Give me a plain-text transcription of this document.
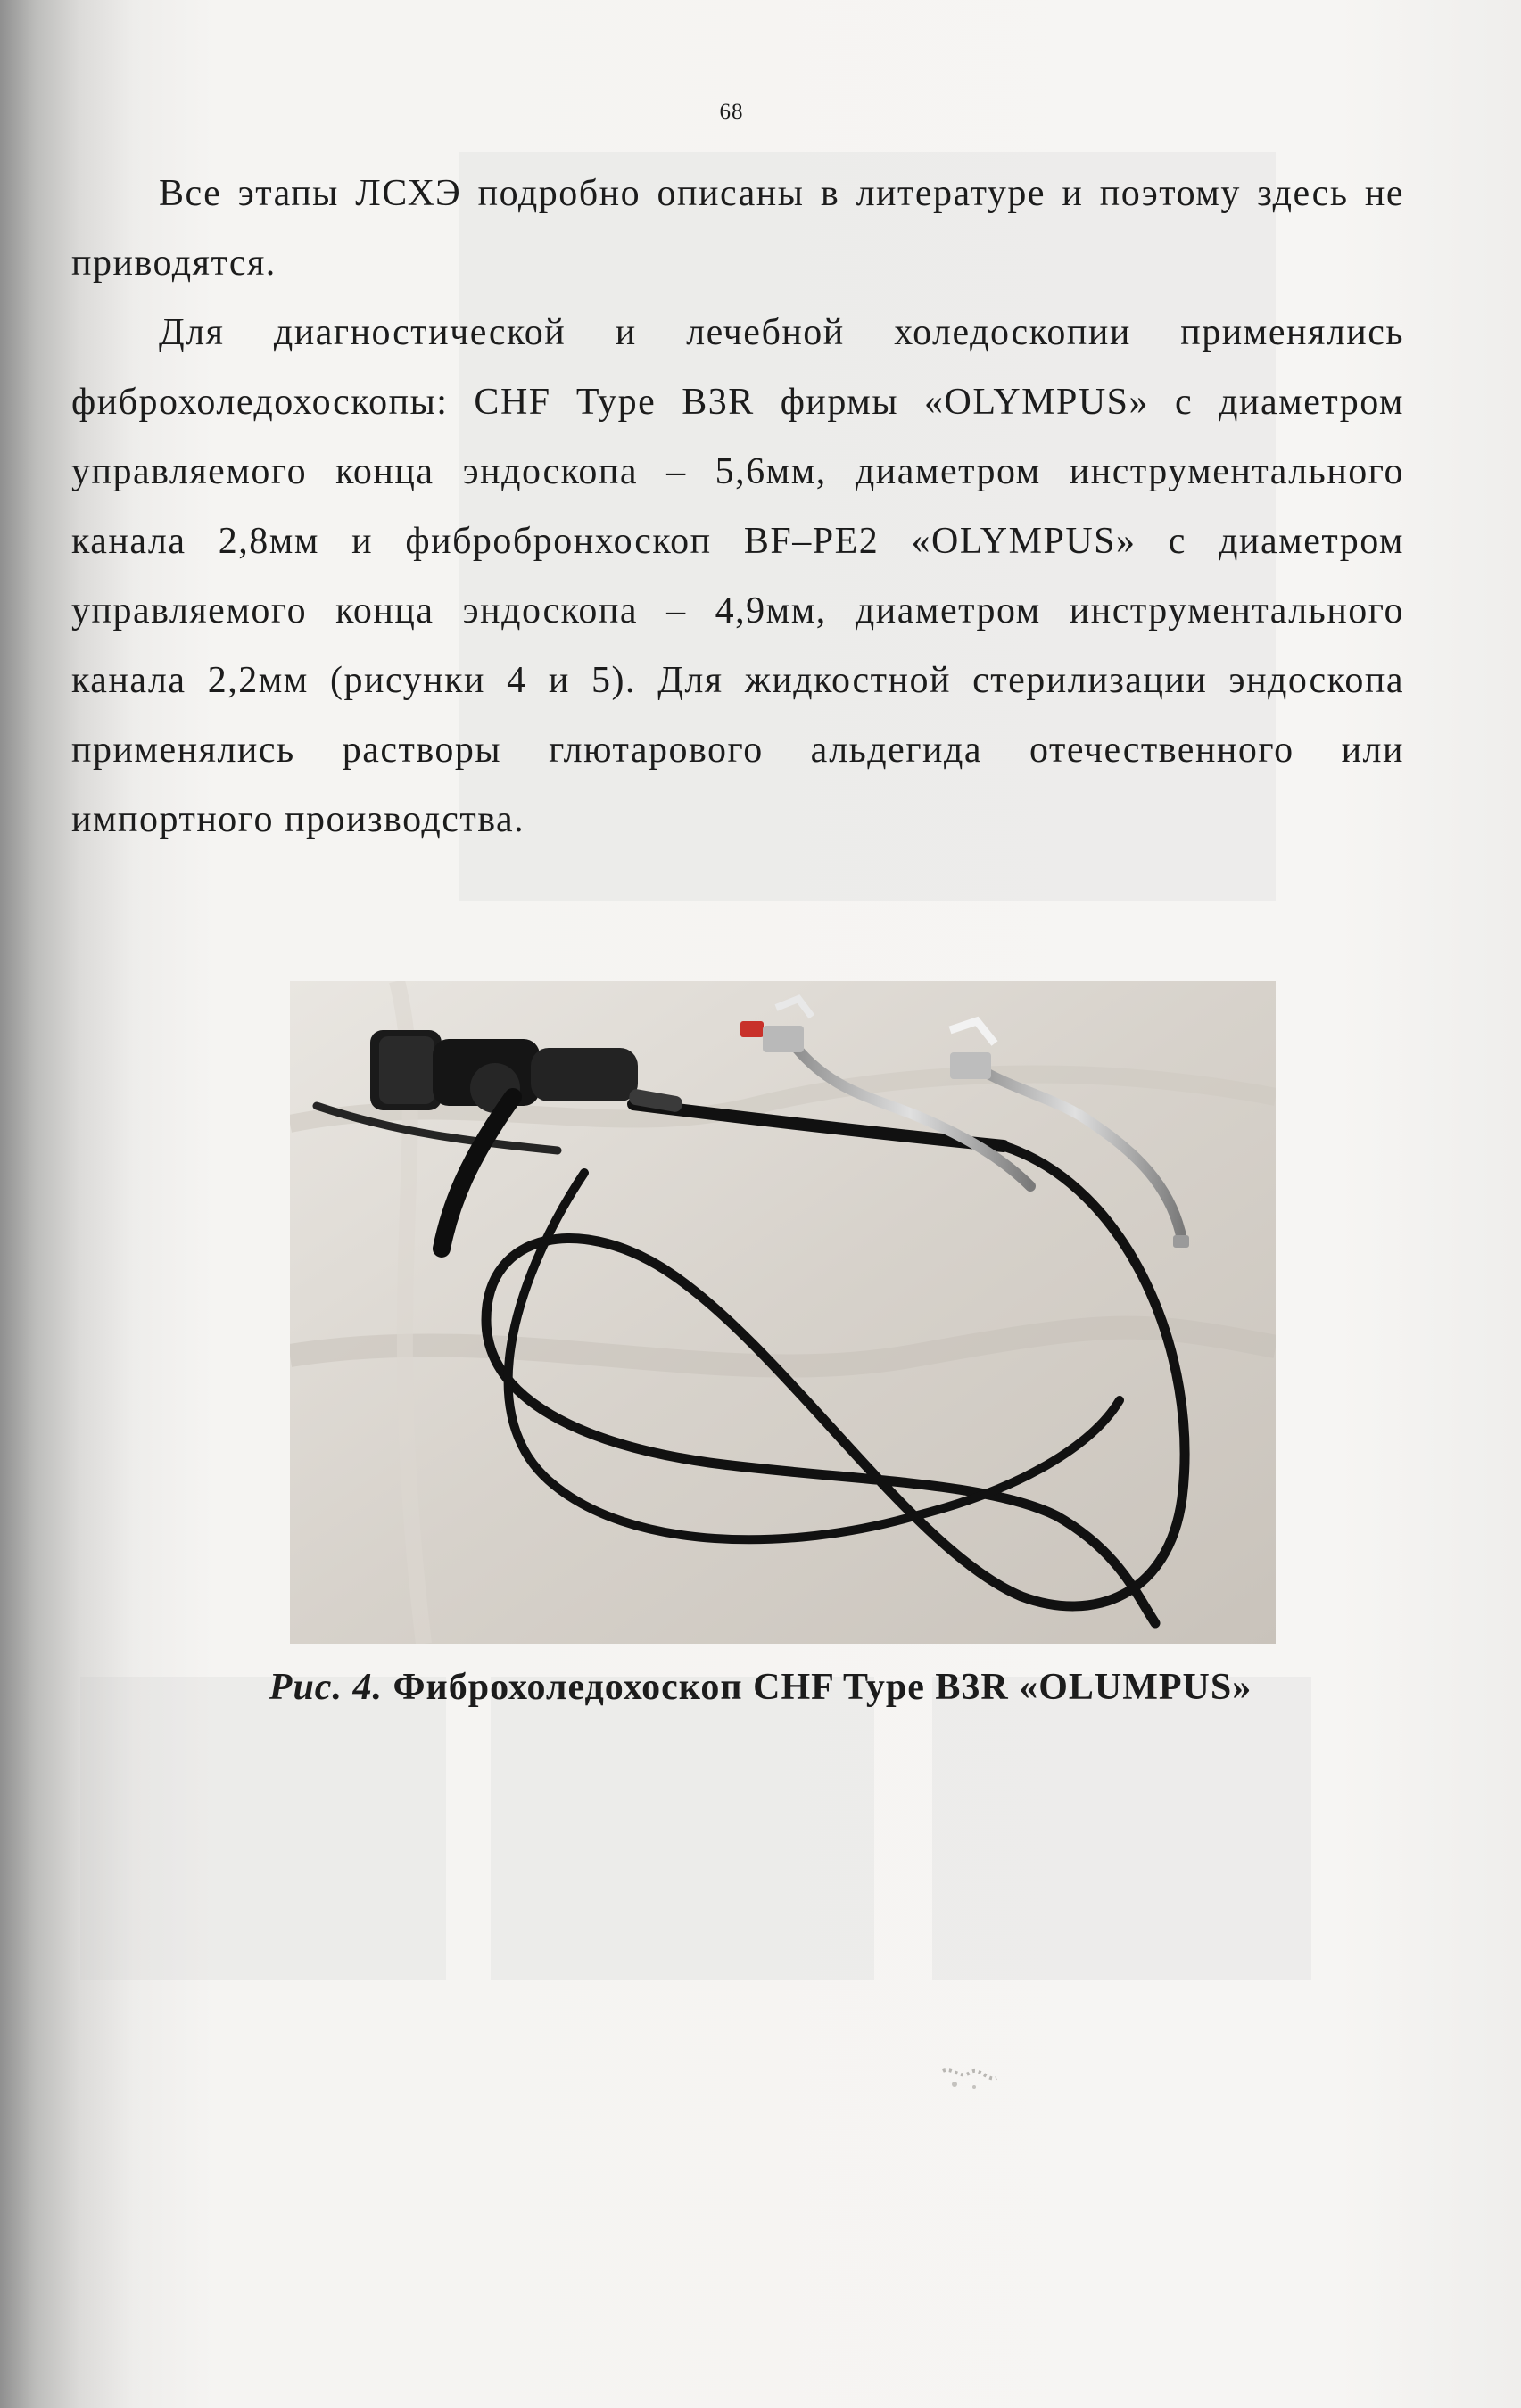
68

Все этапы ЛСХЭ подробно описаны в литературе и поэтому здесь не приводятся.

Для диагностической и лечебной холедоскопии применялись фиброхоледохоскопы: CHF Type B3R фирмы «OLYMPUS» с диаметром управляемого конца эндоскопа – 5,6мм, диаметром инструментального канала 2,8мм и фибробронхоскоп BF–PE2 «OLYMPUS» с диаметром управляемого конца эндоскопа – 4,9мм, диаметром инструментального канала 2,2мм (рисунки 4 и 5). Для жидкостной стерилизации эндоскопа применялись растворы глютарового альдегида отечественного или импортного производства.

Рис. 4. Фиброхоледохоскоп CHF Type B3R «OLUMPUS»
